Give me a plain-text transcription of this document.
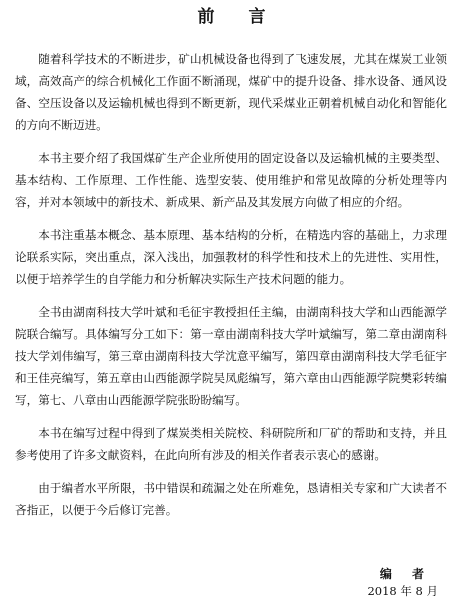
前 言

随着科学技术的不断进步，矿山机械设备也得到了飞速发展，尤其在煤炭工业领域，高效高产的综合机械化工作面不断涌现，煤矿中的提升设备、排水设备、通风设备、空压设备以及运输机械也得到不断更新，现代采煤业正朝着机械自动化和智能化的方向不断迈进。

本书主要介绍了我国煤矿生产企业所使用的固定设备以及运输机械的主要类型、基本结构、工作原理、工作性能、选型安装、使用维护和常见故障的分析处理等内容，并对本领域中的新技术、新成果、新产品及其发展方向做了相应的介绍。

本书注重基本概念、基本原理、基本结构的分析，在精选内容的基础上，力求理论联系实际，突出重点，深入浅出，加强教材的科学性和技术上的先进性、实用性，以便于培养学生的自学能力和分析解决实际生产技术问题的能力。

全书由湖南科技大学叶斌和毛征宇教授担任主编，由湖南科技大学和山西能源学院联合编写。具体编写分工如下：第一章由湖南科技大学叶斌编写，第二章由湖南科技大学刘伟编写，第三章由湖南科技大学沈意平编写，第四章由湖南科技大学毛征宇和王佳亮编写，第五章由山西能源学院吴凤彪编写，第六章由山西能源学院樊彩转编写，第七、八章由山西能源学院张盼盼编写。

本书在编写过程中得到了煤炭类相关院校、科研院所和厂矿的帮助和支持，并且参考使用了许多文献资料，在此向所有涉及的相关作者表示衷心的感谢。

由于编者水平所限，书中错误和疏漏之处在所难免，恳请相关专家和广大读者不吝指正，以便于今后修订完善。

编 者
2018 年 8 月
